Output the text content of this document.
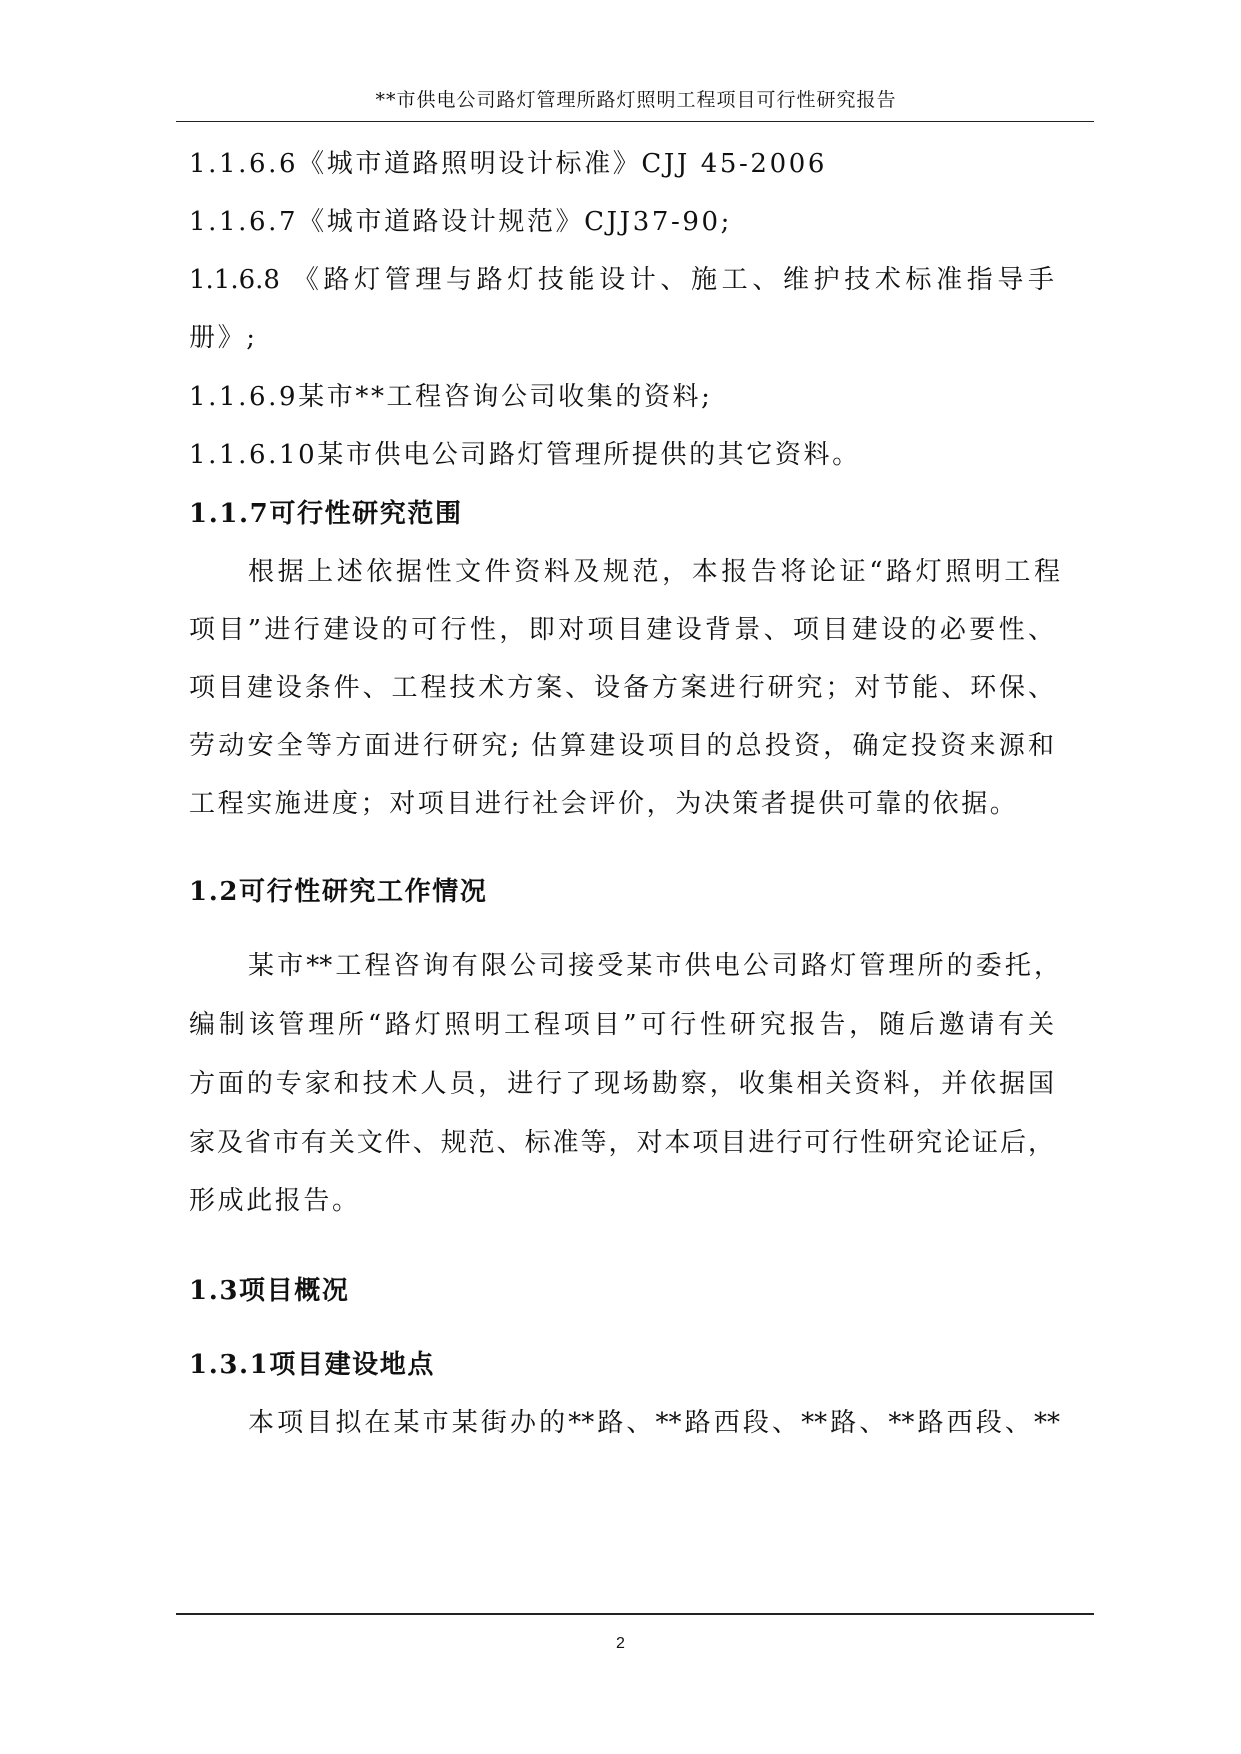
**市供电公司路灯管理所路灯照明工程项目可行性研究报告
1.1.6.6《城市道路照明设计标准》CJJ 45-2006
1.1.6.7《城市道路设计规范》CJJ37-90;
1.1.6.8 《路灯管理与路灯技能设计、施工、维护技术标准指导手
册》;
1.1.6.9某市**工程咨询公司收集的资料;
1.1.6.10某市供电公司路灯管理所提供的其它资料。
1.1.7可行性研究范围
根据上述依据性文件资料及规范，本报告将论证“路灯照明工程
项目”进行建设的可行性，即对项目建设背景、项目建设的必要性、
项目建设条件、工程技术方案、设备方案进行研究；对节能、环保、
劳动安全等方面进行研究; 估算建设项目的总投资，确定投资来源和
工程实施进度；对项目进行社会评价，为决策者提供可靠的依据。
1.2可行性研究工作情况
某市**工程咨询有限公司接受某市供电公司路灯管理所的委托，
编制该管理所“路灯照明工程项目”可行性研究报告，随后邀请有关
方面的专家和技术人员，进行了现场勘察，收集相关资料，并依据国
家及省市有关文件、规范、标准等，对本项目进行可行性研究论证后，
形成此报告。
1.3项目概况
1.3.1项目建设地点
本项目拟在某市某街办的**路、**路西段、**路、**路西段、**
2
